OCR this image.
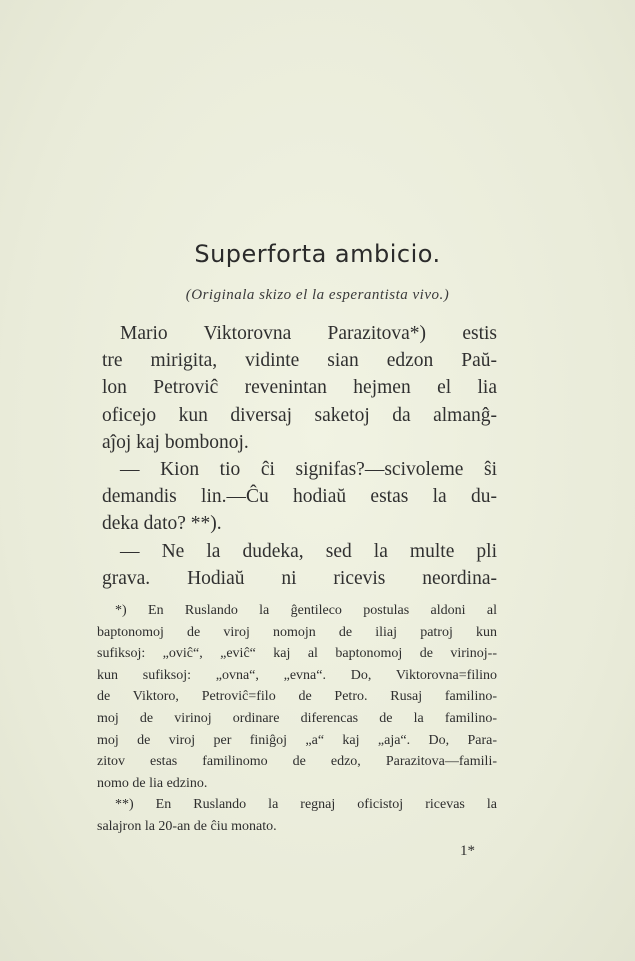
Superforta ambicio.
(Originala skizo el la esperantista vivo.)
Mario Viktorovna Parazitova*) estis
tre mirigita, vidinte sian edzon Paŭ-
lon Petroviĉ revenintan hejmen el lia
oficejo kun diversaj saketoj da almanĝ-
aĵoj kaj bombonoj.
— Kion tio ĉi signifas?—scivoleme ŝi
demandis lin.—Ĉu hodiaŭ estas la du-
deka dato? **).
— Ne la dudeka, sed la multe pli
grava. Hodiaŭ ni ricevis neordina-
*) En Ruslando la ĝentileco postulas aldoni al
baptonomoj de viroj nomojn de iliaj patroj kun
sufiksoj: „oviĉ“, „eviĉ“ kaj al baptonomoj de virinoj--
kun sufiksoj: „ovna“, „evna“. Do, Viktorovna=filino
de Viktoro, Petroviĉ=filo de Petro. Rusaj familino-
moj de virinoj ordinare diferencas de la familino-
moj de viroj per finiĝoj „a“ kaj „aja“. Do, Para-
zitov estas familinomo de edzo, Parazitova—famili-
nomo de lia edzino.
**) En Ruslando la regnaj oficistoj ricevas la
salajron la 20-an de ĉiu monato.
1*
